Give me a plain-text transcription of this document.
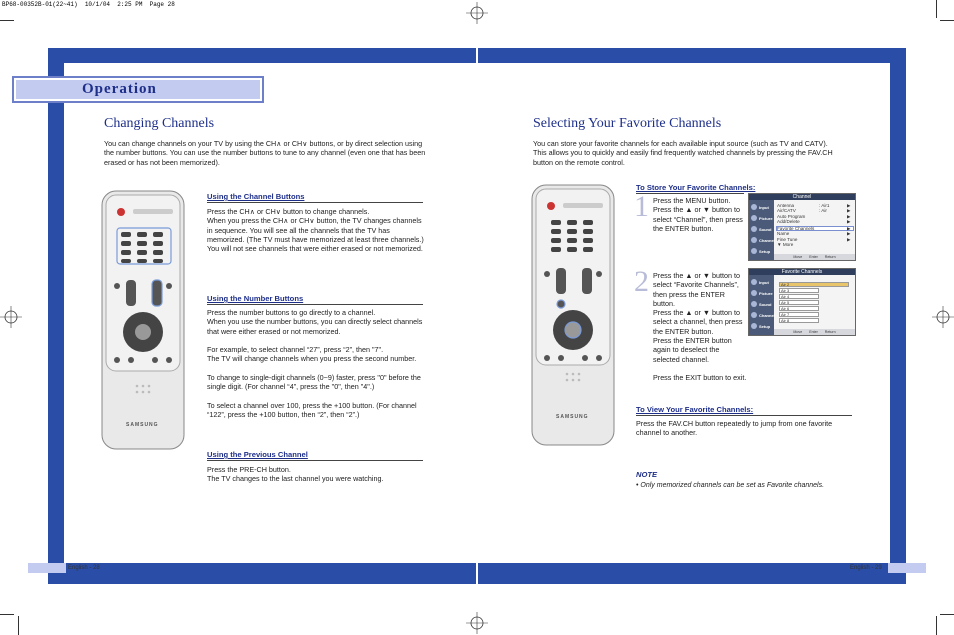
BP68-00352B-01(22~41)  10/1/04  2:25 PM  Page 28
Operation
Changing Channels
You can change channels on your TV by using the CH∧ or CH∨ buttons, or by direct selection using the number buttons. You can use the number buttons to tune to any channel (even one that has been erased or has not been memorized).
SAMSUNG
Using the Channel Buttons
Press the CH∧ or CH∨ button to change channels.
When you press the CH∧ or CH∨ button, the TV changes channels in sequence. You will see all the channels that the TV has memorized. (The TV must have memorized at least three channels.) You will not see channels that were either erased or not memorized.
Using the Number Buttons
Press the number buttons to go directly to a channel.
When you use the number buttons, you can directly select channels that were either erased or not memorized.

For example, to select channel “27”, press “2”, then "7".
The TV will change channels when you press the second number.

To change to single-digit channels (0~9) faster, press "0" before the single digit. (For channel “4”, press the "0", then "4".)

To select a channel over 100, press the +100 button. (For channel “122”, press the +100 button, then “2”, then “2”.)
Using the Previous Channel
Press the PRE-CH button.
The TV changes to the last channel you were watching.
English - 28
Selecting Your Favorite Channels
You can store your favorite channels for each available input source (such as TV and CATV). This allows you to quickly and easily find frequently watched channels by pressing the FAV.CH button on the remote control.
SAMSUNG
To Store Your Favorite Channels:
1 Press the MENU button.
Press the ▲ or ▼ button to select “Channel”, then press the ENTER button.
2 Press the ▲ or ▼ button to select “Favorite Channels”, then press the ENTER button.
Press the ▲ or ▼ button to select a channel, then press the ENTER button.
Press the ENTER button again to deselect the selected channel.

Press the EXIT button to exit.
Channel
Input
Picture
Sound
Channel
Setup
Antenna	: Air1	▶
Air/CATV	: Air	▶
Auto Program	▶
Add/Delete	▶
Favorite Channels	▶
Name	▶
Fine Tune	▶
▼ More
Move Enter Return
Favorite Channels
Input
Picture
Sound
Channel
Setup
Air 2
Air 3
Air 4
Air 5
Air 6
Air 7
Air 8
Move Enter Return
To View Your Favorite Channels:
Press the FAV.CH button repeatedly to jump from one favorite channel to another.
NOTE
• Only memorized channels can be set as Favorite channels.
English - 29
